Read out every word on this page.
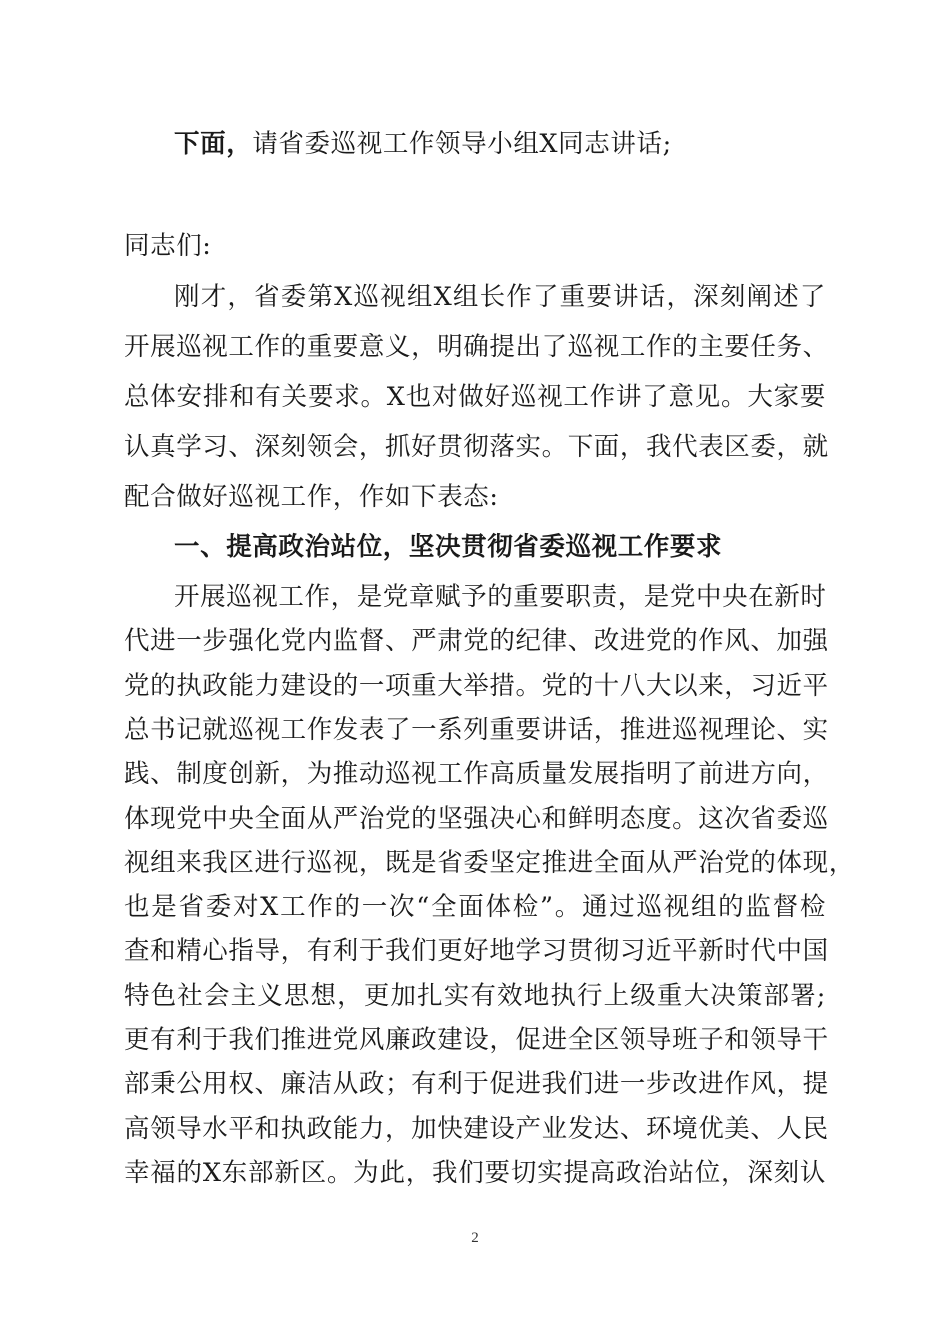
下面，请省委巡视工作领导小组X同志讲话;
同志们:
刚才，省委第X巡视组X组长作了重要讲话，深刻阐述了
开展巡视工作的重要意义，明确提出了巡视工作的主要任务、
总体安排和有关要求。X也对做好巡视工作讲了意见。大家要
认真学习、深刻领会，抓好贯彻落实。下面，我代表区委，就
配合做好巡视工作，作如下表态:
一、提高政治站位，坚决贯彻省委巡视工作要求
开展巡视工作，是党章赋予的重要职责，是党中央在新时
代进一步强化党内监督、严肃党的纪律、改进党的作风、加强
党的执政能力建设的一项重大举措。党的十八大以来，习近平
总书记就巡视工作发表了一系列重要讲话，推进巡视理论、实
践、制度创新，为推动巡视工作高质量发展指明了前进方向，
体现党中央全面从严治党的坚强决心和鲜明态度。这次省委巡
视组来我区进行巡视，既是省委坚定推进全面从严治党的体现，
也是省委对X工作的一次“全面体检”。通过巡视组的监督检
查和精心指导，有利于我们更好地学习贯彻习近平新时代中国
特色社会主义思想，更加扎实有效地执行上级重大决策部署;
更有利于我们推进党风廉政建设，促进全区领导班子和领导干
部秉公用权、廉洁从政；有利于促进我们进一步改进作风，提
高领导水平和执政能力，加快建设产业发达、环境优美、人民
2
幸福的X东部新区。为此，我们要切实提高政治站位，深刻认
